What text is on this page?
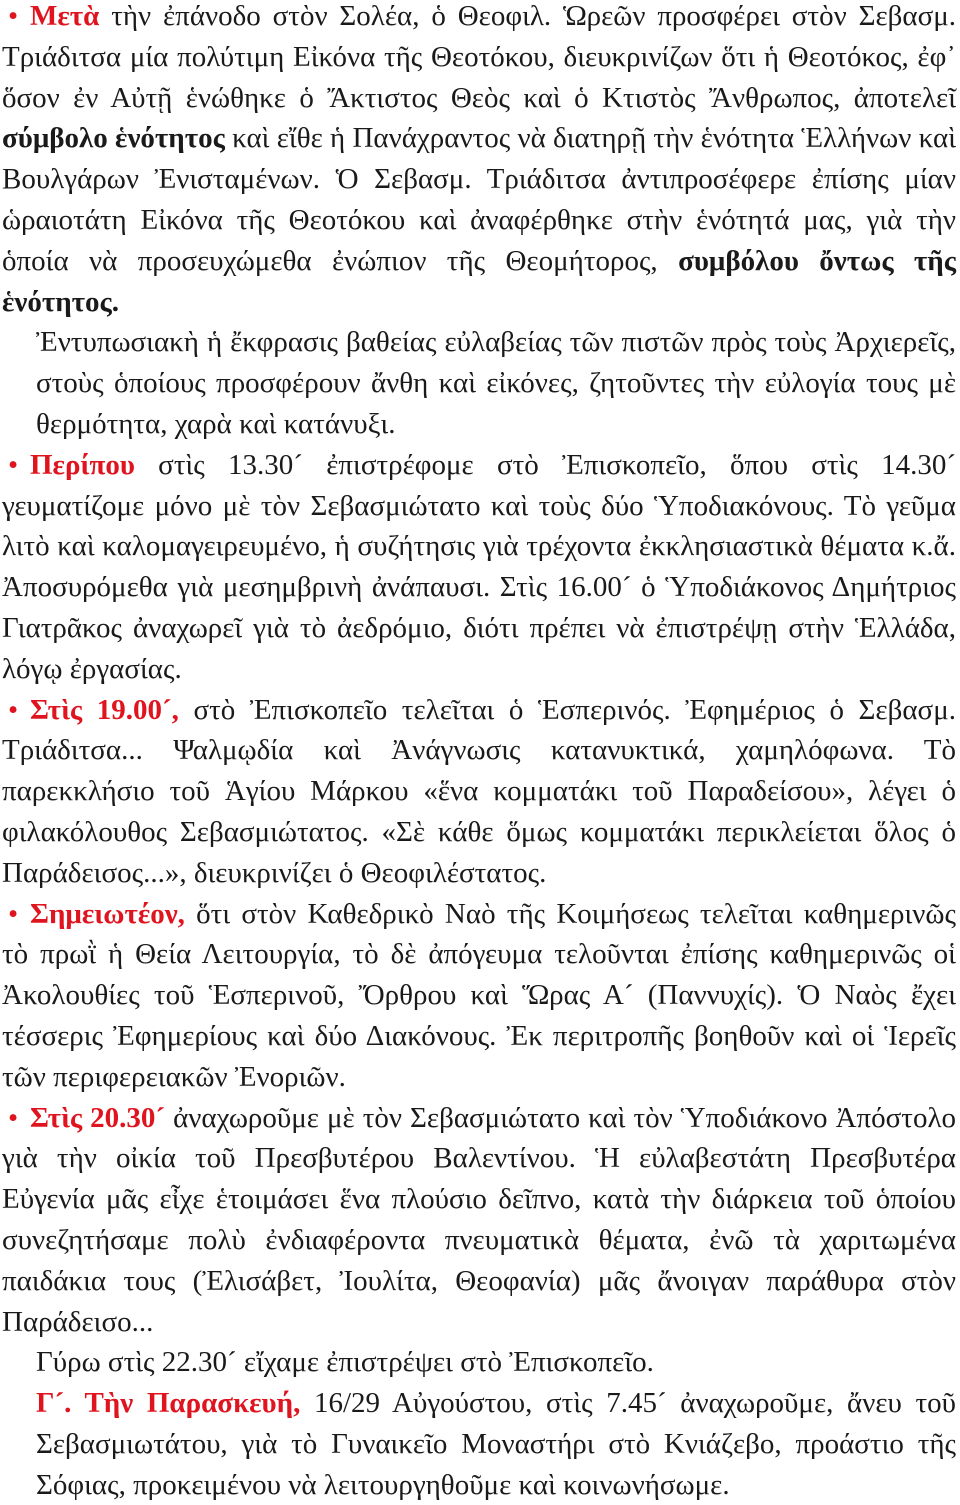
• Μετὰ τὴν ἐπάνοδο στὸν Σολέα, ὁ Θεοφιλ. Ὡρεῶν προσφέρει στὸν Σεβασμ. Τριάδιτσα μία πολύτιμη Εἰκόνα τῆς Θεοτόκου, διευκρινίζων ὅτι ἡ Θεοτόκος, ἐφ᾽ ὅσον ἐν Αὐτῇ ἑνώθηκε ὁ Ἄκτιστος Θεὸς καὶ ὁ Κτιστὸς Ἄνθρωπος, ἀποτελεῖ σύμβολο ἑνότητος καὶ εἴθε ἡ Πανάχραντος νὰ διατηρῇ τὴν ἑνότητα Ἑλλήνων καὶ Βουλγάρων Ἐνισταμένων. Ὁ Σεβασμ. Τριάδιτσα ἀντιπροσέφερε ἐπίσης μίαν ὡραιοτάτη Εἰκόνα τῆς Θεοτόκου καὶ ἀναφέρθηκε στὴν ἑνότητά μας, γιὰ τὴν ὁποία νὰ προσευχώμεθα ἐνώπιον τῆς Θεομήτορος, συμβόλου ὄντως τῆς ἑνότητος.

Ἐντυπωσιακὴ ἡ ἔκφρασις βαθείας εὐλαβείας τῶν πιστῶν πρὸς τοὺς Ἀρχιερεῖς, στοὺς ὁποίους προσφέρουν ἄνθη καὶ εἰκόνες, ζητοῦντες τὴν εὐλογία τους μὲ θερμότητα, χαρὰ καὶ κατάνυξι.

• Περίπου στὶς 13.30´ ἐπιστρέφομε στὸ Ἐπισκοπεῖο, ὅπου στὶς 14.30´ γευματίζομε μόνο μὲ τὸν Σεβασμιώτατο καὶ τοὺς δύο Ὑποδιακόνους. Τὸ γεῦμα λιτὸ καὶ καλομαγειρευμένο, ἡ συζήτησις γιὰ τρέχοντα ἐκκλησιαστικὰ θέματα κ.ἄ. Ἀποσυρόμεθα γιὰ μεσημβρινὴ ἀνάπαυσι. Στὶς 16.00´ ὁ Ὑποδιάκονος Δημήτριος Γιατρᾶκος ἀναχωρεῖ γιὰ τὸ ἀεδρόμιο, διότι πρέπει νὰ ἐπιστρέψῃ στὴν Ἑλλάδα, λόγῳ ἐργασίας.

• Στὶς 19.00´, στὸ Ἐπισκοπεῖο τελεῖται ὁ Ἑσπερινός. Ἐφημέριος ὁ Σεβασμ. Τριάδιτσα... Ψαλμῳδία καὶ Ἀνάγνωσις κατανυκτικά, χαμηλόφωνα. Τὸ παρεκκλήσιο τοῦ Ἁγίου Μάρκου «ἕνα κομματάκι τοῦ Παραδείσου», λέγει ὁ φιλακόλουθος Σεβασμιώτατος. «Σὲ κάθε ὅμως κομματάκι περικλείεται ὅλος ὁ Παράδεισος...», διευκρινίζει ὁ Θεοφιλέστατος.

• Σημειωτέον, ὅτι στὸν Καθεδρικὸ Ναὸ τῆς Κοιμήσεως τελεῖται καθημερινῶς τὸ πρωῒ ἡ Θεία Λειτουργία, τὸ δὲ ἀπόγευμα τελοῦνται ἐπίσης καθημερινῶς οἱ Ἀκολουθίες τοῦ Ἑσπερινοῦ, Ὄρθρου καὶ Ὥρας Α´ (Παννυχίς). Ὁ Ναὸς ἔχει τέσσερις Ἐφημερίους καὶ δύο Διακόνους. Ἐκ περιτροπῆς βοηθοῦν καὶ οἱ Ἱερεῖς τῶν περιφερειακῶν Ἐνοριῶν.

• Στὶς 20.30´ ἀναχωροῦμε μὲ τὸν Σεβασμιώτατο καὶ τὸν Ὑποδιάκονο Ἀπόστολο γιὰ τὴν οἰκία τοῦ Πρεσβυτέρου Βαλεντίνου. Ἡ εὐλαβεστάτη Πρεσβυτέρα Εὐγενία μᾶς εἶχε ἑτοιμάσει ἕνα πλούσιο δεῖπνο, κατὰ τὴν διάρκεια τοῦ ὁποίου συνεζητήσαμε πολὺ ἐνδιαφέροντα πνευματικὰ θέματα, ἐνῶ τὰ χαριτωμένα παιδάκια τους (Ἐλισάβετ, Ἰουλίτα, Θεοφανία) μᾶς ἄνοιγαν παράθυρα στὸν Παράδεισο...

Γύρω στὶς 22.30´ εἴχαμε ἐπιστρέψει στὸ Ἐπισκοπεῖο.

Γ´. Τὴν Παρασκευή, 16/29 Αὐγούστου, στὶς 7.45´ ἀναχωροῦμε, ἄνευ τοῦ Σεβασμιωτάτου, γιὰ τὸ Γυναικεῖο Μοναστήρι στὸ Κνιάζεβο, προάστιο τῆς Σόφιας, προκειμένου νὰ λειτουργηθοῦμε καὶ κοινωνήσωμε.
